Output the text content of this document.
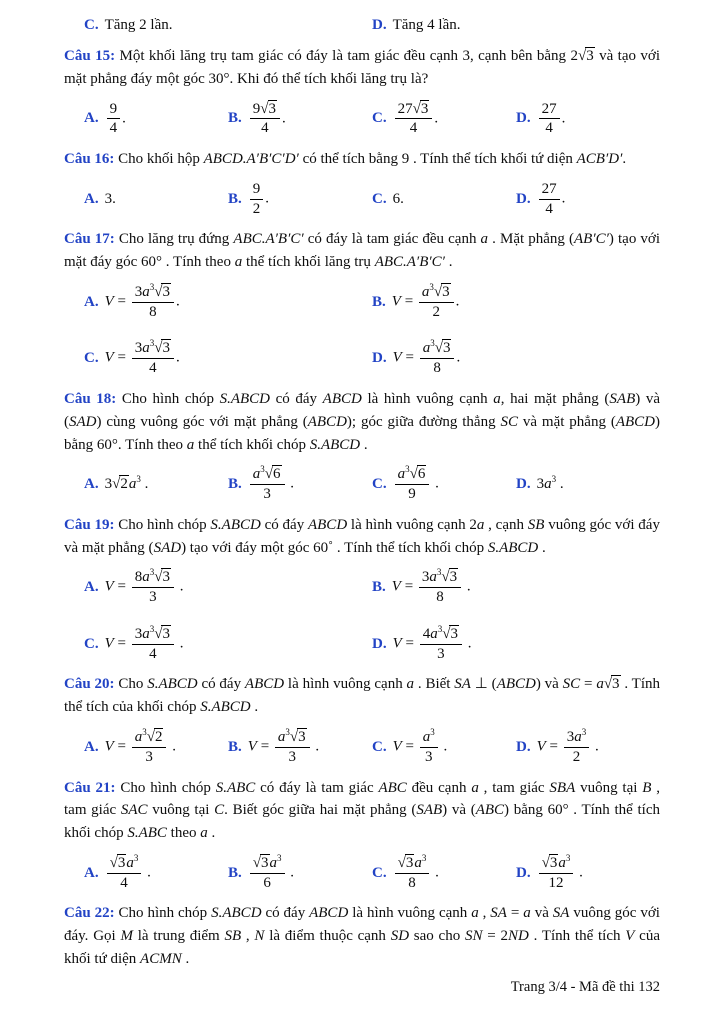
C. Tăng 2 lần.	D. Tăng 4 lần.

Câu 15: Một khối lăng trụ tam giác có đáy là tam giác đều cạnh 3, cạnh bên bằng 2√3 và tạo với mặt phẳng đáy một góc 30°. Khi đó thể tích khối lăng trụ là?

A. $\frac{9}{4}$ .	B. $\frac{9√3}{4}$ .	C. $\frac{27√3}{4}$ .	D. $\frac{27}{4}$ .

Câu 16: Cho khối hộp ABCD.A′B′C′D′ có thể tích bằng 9 . Tính thể tích khối tứ diện ACB′D′.

A. 3.	B. $\frac{9}{2}$ .	C. 6.	D. $\frac{27}{4}$ .

Câu 17: Cho lăng trụ đứng ABC.A′B′C′ có đáy là tam giác đều cạnh a . Mặt phẳng (AB′C′) tạo với mặt đáy góc 60° . Tính theo a thể tích khối lăng trụ ABC.A′B′C′ .

A. $V = \frac{3a^3√3}{8}$ .	B. $V = \frac{a^3√3}{2}$ .
C. $V = \frac{3a^3√3}{4}$ .	D. $V = \frac{a^3√3}{8}$ .

Câu 18: Cho hình chóp S.ABCD có đáy ABCD là hình vuông cạnh a, hai mặt phẳng (SAB) và (SAD) cùng vuông góc với mặt phẳng (ABCD); góc giữa đường thẳng SC và mặt phẳng (ABCD) bằng 60°. Tính theo a thể tích khối chóp S.ABCD .

A. $3√2a^3$ .	B. $\frac{a^3√6}{3}$ .	C. $\frac{a^3√6}{9}$ .	D. $3a^3$ .

Câu 19: Cho hình chóp S.ABCD có đáy ABCD là hình vuông cạnh 2a , cạnh SB vuông góc với đáy và mặt phẳng (SAD) tạo với đáy một góc 60˚ . Tính thể tích khối chóp S.ABCD .

A. $V = \frac{8a^3√3}{3}$ .	B. $V = \frac{3a^3√3}{8}$ .
C. $V = \frac{3a^3√3}{4}$ .	D. $V = \frac{4a^3√3}{3}$ .

Câu 20: Cho S.ABCD có đáy ABCD là hình vuông cạnh a . Biết SA ⊥ (ABCD) và SC = a√3 . Tính thể tích của khối chóp S.ABCD .

A. $V = \frac{a^3√2}{3}$ .	B. $V = \frac{a^3√3}{3}$ .	C. $V = \frac{a^3}{3}$ .	D. $V = \frac{3a^3}{2}$ .

Câu 21: Cho hình chóp S.ABC có đáy là tam giác ABC đều cạnh a , tam giác SBA vuông tại B , tam giác SAC vuông tại C. Biết góc giữa hai mặt phẳng (SAB) và (ABC) bằng 60° . Tính thể tích khối chóp S.ABC theo a .

A. $\frac{√3a^3}{4}$ .	B. $\frac{√3a^3}{6}$ .	C. $\frac{√3a^3}{8}$ .	D. $\frac{√3a^3}{12}$ .

Câu 22: Cho hình chóp S.ABCD có đáy ABCD là hình vuông cạnh a , SA = a và SA vuông góc với đáy. Gọi M là trung điểm SB , N là điểm thuộc cạnh SD sao cho SN = 2ND . Tính thể tích V của khối tứ diện ACMN .

Trang 3/4 - Mã đề thi 132
